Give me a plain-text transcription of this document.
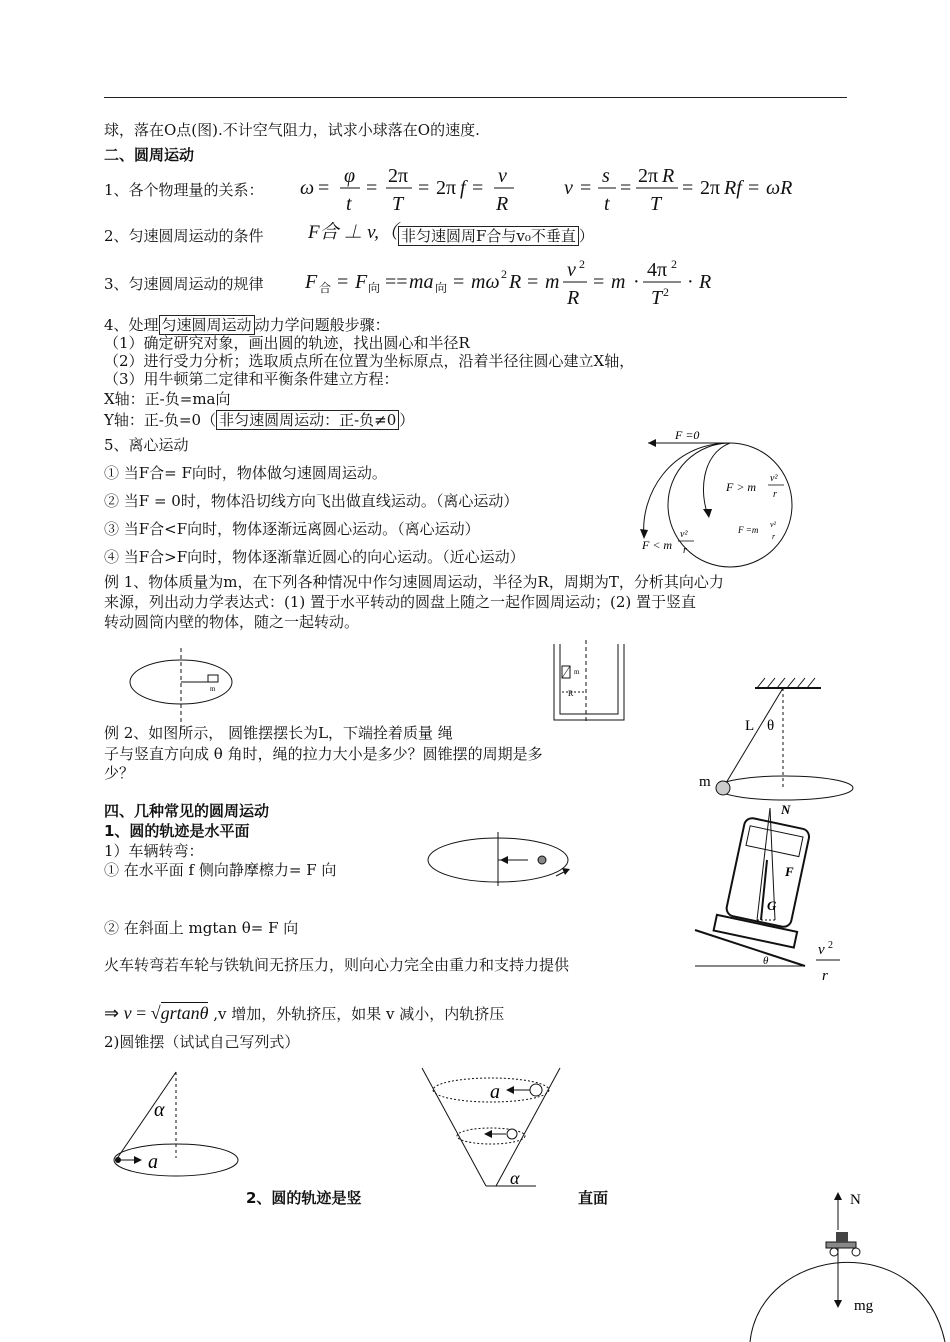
球，落在O点(图).不计空气阻力，试求小球落在O的速度.
二、圆周运动
1、各个物理量的关系： ω =
φ
t
=
2π
T
= 2π f =
v
R
v =
s
t
=
2π R
T
= 2π Rf = ωR
2、匀速圆周运动的条件 F合 ⊥ v,（ 非匀速圆周F合与v₀不垂直 ）
3、匀速圆周运动的规律 F 合 = F 向 == ma 向 = mω 2 R = m
v 2
R
= m ·
4π 2
T 2 · R
4、处理 匀速圆周运动 动力学问题般步骤：
（1）确定研究对象，画出圆的轨迹，找出圆心和半径R
（2）进行受力分析；选取质点所在位置为坐标原点，沿着半径往圆心建立X轴，
（3）用牛顿第二定律和平衡条件建立方程：
X轴：正-负=ma向
Y轴：正-负=0（ 非匀速圆周运动：正-负≠0 ）
5、离心运动
① 当F合= F向时，物体做匀速圆周运动。
② 当F = 0时，物体沿切线方向飞出做直线运动。（离心运动）
③ 当F合<F向时，物体逐渐远离圆心运动。（离心运动）
④ 当F合>F向时，物体逐渐靠近圆心的向心运动。（近心运动）
F =0
F > m
F =m
F < m
v²
r
v²
r
v²
r
例 1、物体质量为m，在下列各种情况中作匀速圆周运动，半径为R，周期为T，分析其向心力
来源，列出动力学表达式：(1) 置于水平转动的圆盘上随之一起作圆周运动；(2) 置于竖直
转动圆筒内壁的物体，随之一起转动。
m
m
R
例 2、如图所示， 圆锥摆摆长为L，下端拴着质量 绳
子与竖直方向成 θ 角时，绳的拉力大小是多少？圆锥摆的周期是多
少？
L θ
m
四、几种常见的圆周运动
1、圆的轨迹是水平面
1）车辆转弯：
① 在水平面 f 侧向静摩檫力= F 向
② 在斜面上 mgtan θ= F 向
N
F
G
θ
火车转弯若车轮与铁轨间无挤压力，则向心力完全由重力和支持力提供
v 2
r
⇒ v = √grtanθ ,v 增加，外轨挤压，如果 v 减小，内轨挤压
2)圆锥摆（试试自己写列式）
α
a
a
α
2、圆的轨迹是竖	直面	N
mg
